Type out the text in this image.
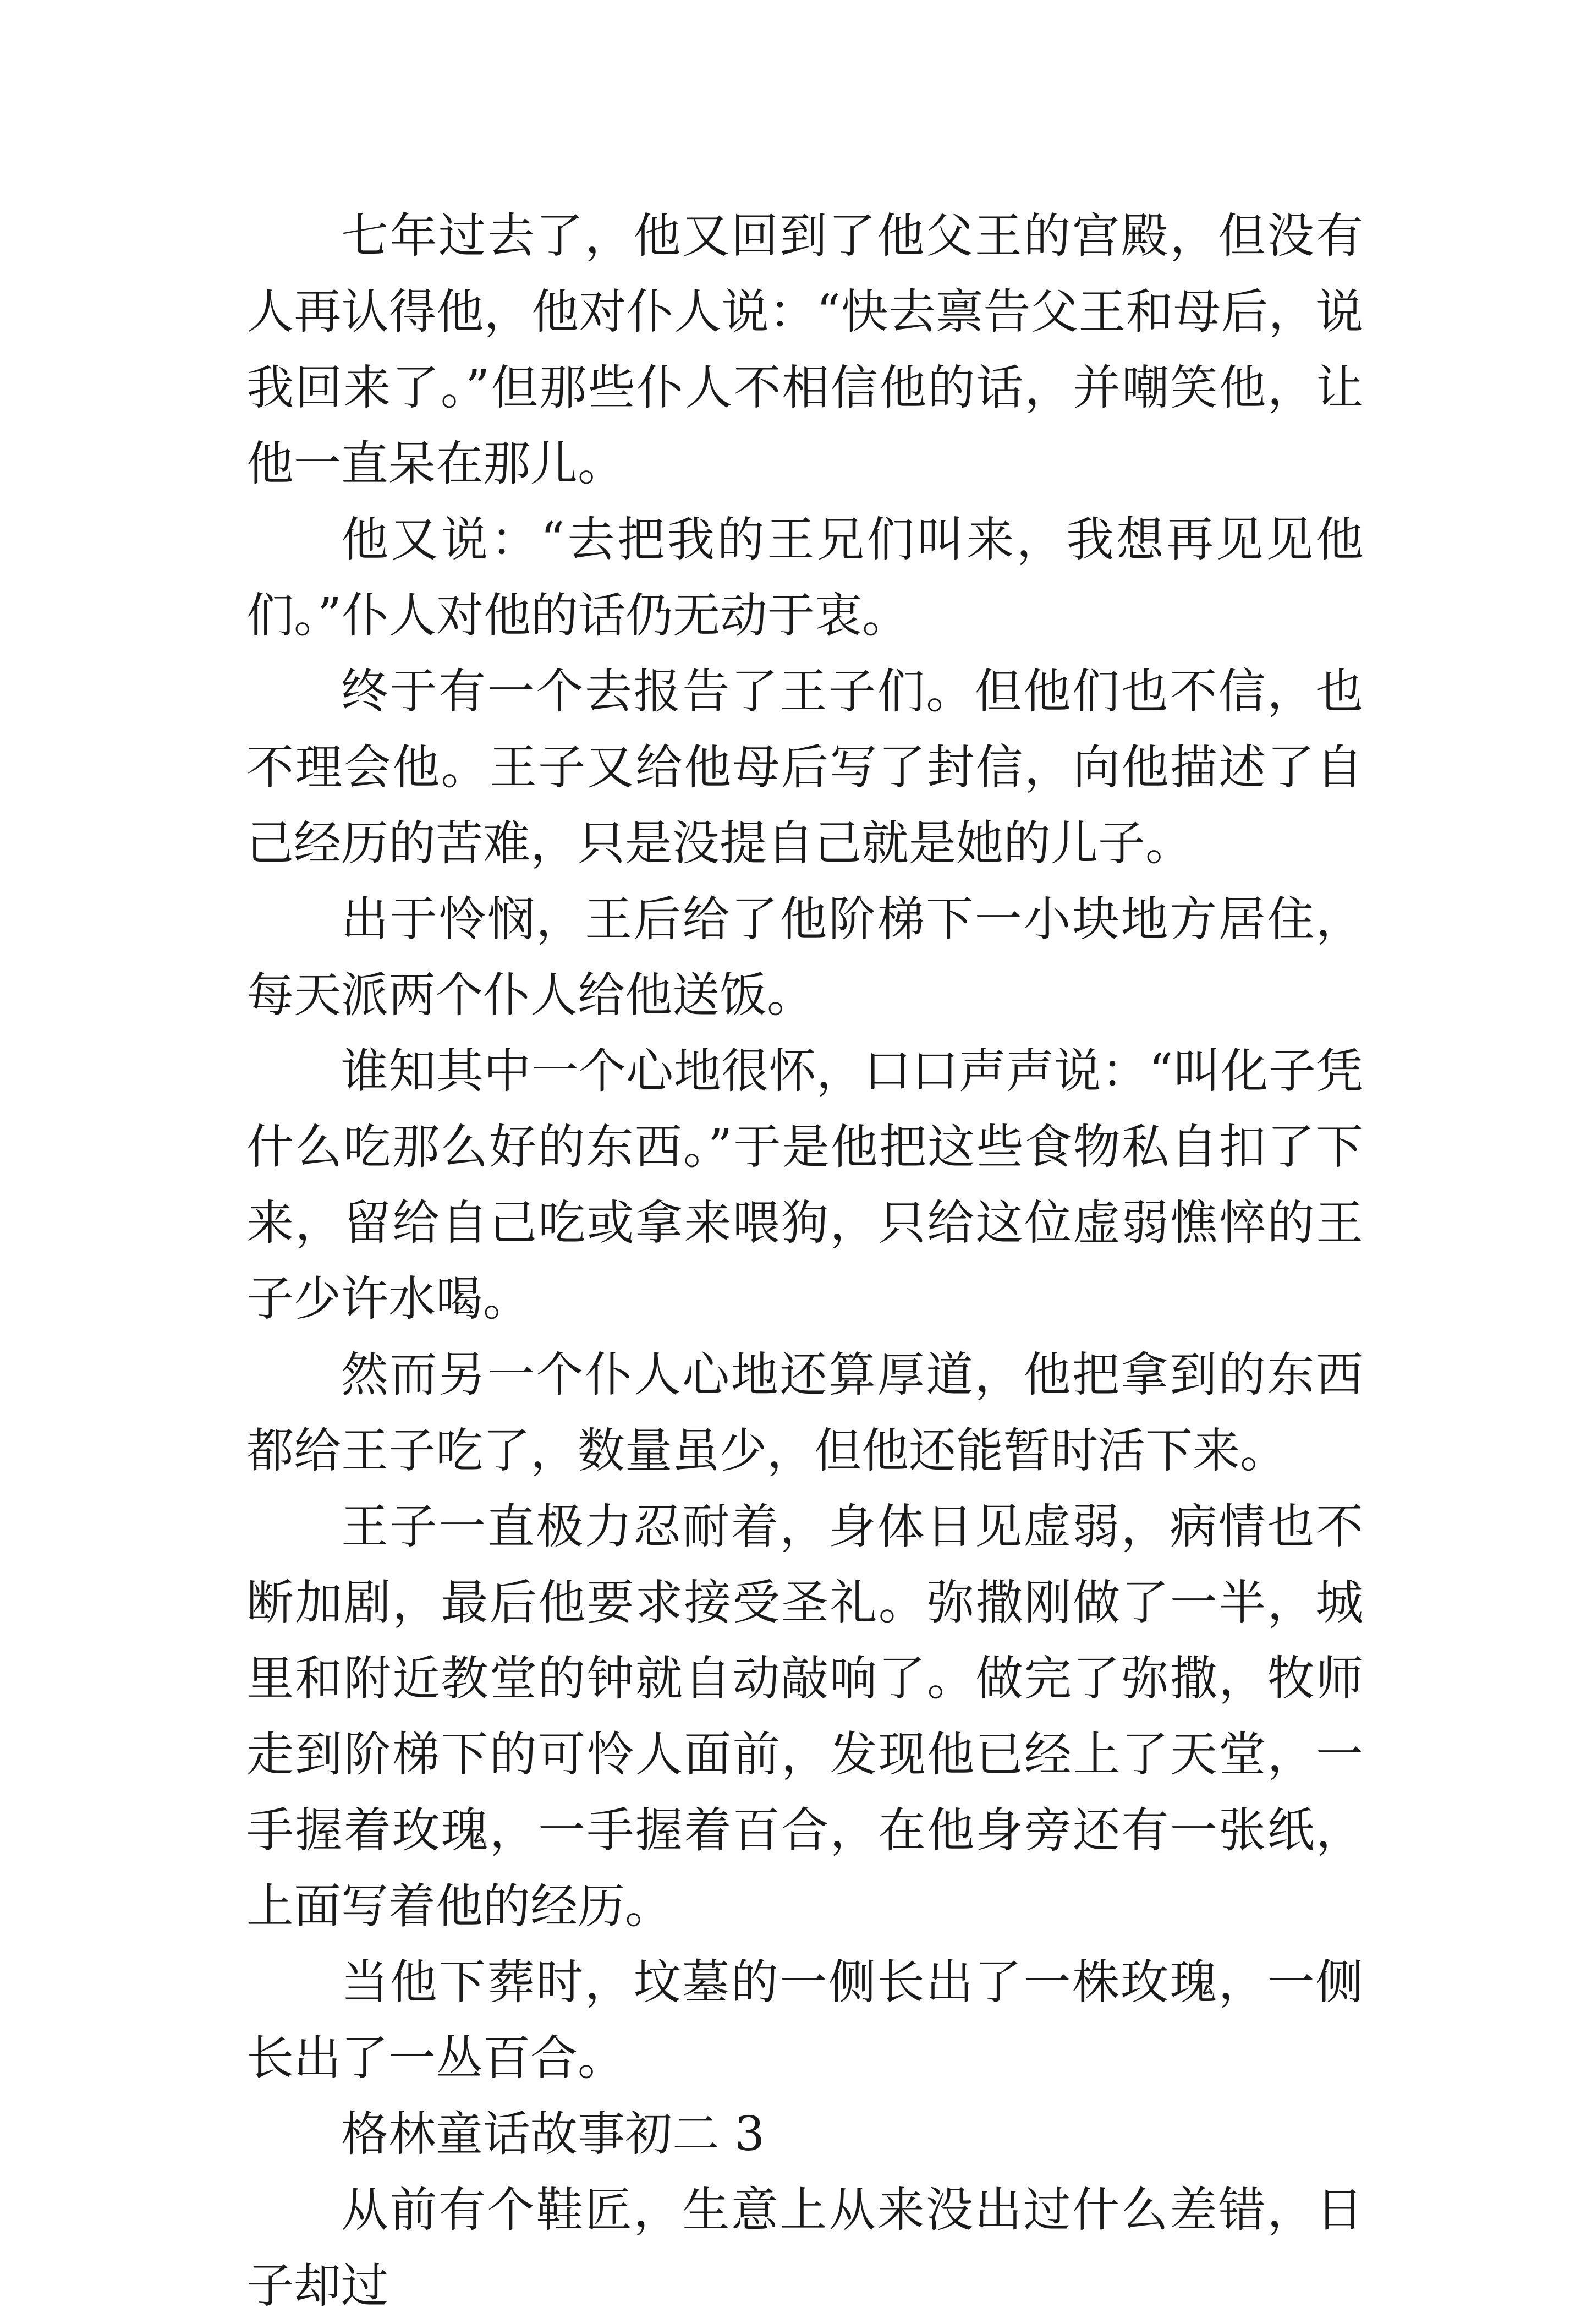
七年过去了，他又回到了他父王的宫殿，但没有人再认得他，他对仆人说：“快去禀告父王和母后，说我回来了。”但那些仆人不相信他的话，并嘲笑他，让他一直呆在那儿。

他又说：“去把我的王兄们叫来，我想再见见他们。”仆人对他的话仍无动于衷。

终于有一个去报告了王子们。但他们也不信，也不理会他。王子又给他母后写了封信，向他描述了自己经历的苦难，只是没提自己就是她的儿子。

出于怜悯，王后给了他阶梯下一小块地方居住，每天派两个仆人给他送饭。

谁知其中一个心地很怀，口口声声说：“叫化子凭什么吃那么好的东西。”于是他把这些食物私自扣了下来，留给自己吃或拿来喂狗，只给这位虚弱憔悴的王子少许水喝。

然而另一个仆人心地还算厚道，他把拿到的东西都给王子吃了，数量虽少，但他还能暂时活下来。

王子一直极力忍耐着，身体日见虚弱，病情也不断加剧，最后他要求接受圣礼。弥撒刚做了一半，城里和附近教堂的钟就自动敲响了。做完了弥撒，牧师走到阶梯下的可怜人面前，发现他已经上了天堂，一手握着玫瑰，一手握着百合，在他身旁还有一张纸，上面写着他的经历。

当他下葬时，坟墓的一侧长出了一株玫瑰，一侧长出了一丛百合。

格林童话故事初二 3

从前有个鞋匠，生意上从来没出过什么差错，日子却过
